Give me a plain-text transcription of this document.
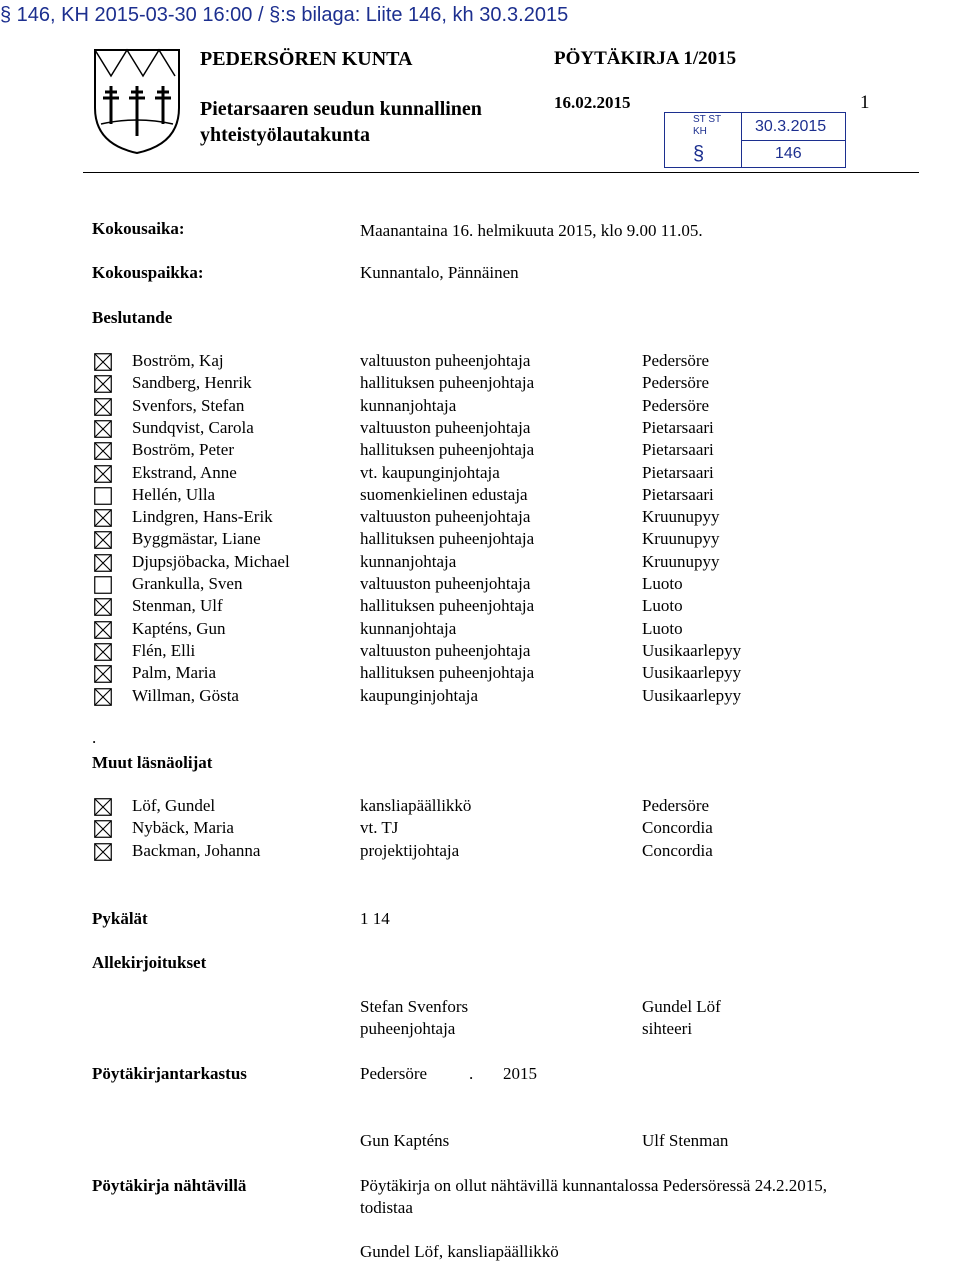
§ 146, KH 2015-03-30 16:00 / §:s bilaga: Liite 146, kh 30.3.2015
PEDERSÖREN KUNTA	PÖYTÄKIRJA 1/2015
Pietarsaaren seudun kunnallinen
yhteistyölautakunta
16.02.2015	1
ST ST
KH	30.3.2015
§	146
Kokousaika:	Maanantaina 16. helmikuuta 2015, klo 9.00 11.05.
Kokouspaikka:	Kunnantalo, Pännäinen
Beslutande
Boström, Kaj	valtuuston puheenjohtaja	Pedersöre
Sandberg, Henrik	hallituksen puheenjohtaja	Pedersöre
Svenfors, Stefan	kunnanjohtaja	Pedersöre
Sundqvist, Carola	valtuuston puheenjohtaja	Pietarsaari
Boström, Peter	hallituksen puheenjohtaja	Pietarsaari
Ekstrand, Anne	vt. kaupunginjohtaja	Pietarsaari
Hellén, Ulla	suomenkielinen edustaja	Pietarsaari
Lindgren, Hans-Erik	valtuuston puheenjohtaja	Kruunupyy
Byggmästar, Liane	hallituksen puheenjohtaja	Kruunupyy
Djupsjöbacka, Michael	kunnanjohtaja	Kruunupyy
Grankulla, Sven	valtuuston puheenjohtaja	Luoto
Stenman, Ulf	hallituksen puheenjohtaja	Luoto
Kapténs, Gun	kunnanjohtaja	Luoto
Flén, Elli	valtuuston puheenjohtaja	Uusikaarlepyy
Palm, Maria	hallituksen puheenjohtaja	Uusikaarlepyy
Willman, Gösta	kaupunginjohtaja	Uusikaarlepyy
.
Muut läsnäolijat
Löf, Gundel	kansliapäällikkö	Pedersöre
Nybäck, Maria	vt. TJ	Concordia
Backman, Johanna	projektijohtaja	Concordia
Pykälät	1 14
Allekirjoitukset
Stefan Svenfors	Gundel Löf
puheenjohtaja	sihteeri
Pöytäkirjantarkastus	Pedersöre . 2015
Gun Kapténs	Ulf Stenman
Pöytäkirja nähtävillä	Pöytäkirja on ollut nähtävillä kunnantalossa Pedersöressä 24.2.2015,
todistaa
Gundel Löf, kansliapäällikkö
